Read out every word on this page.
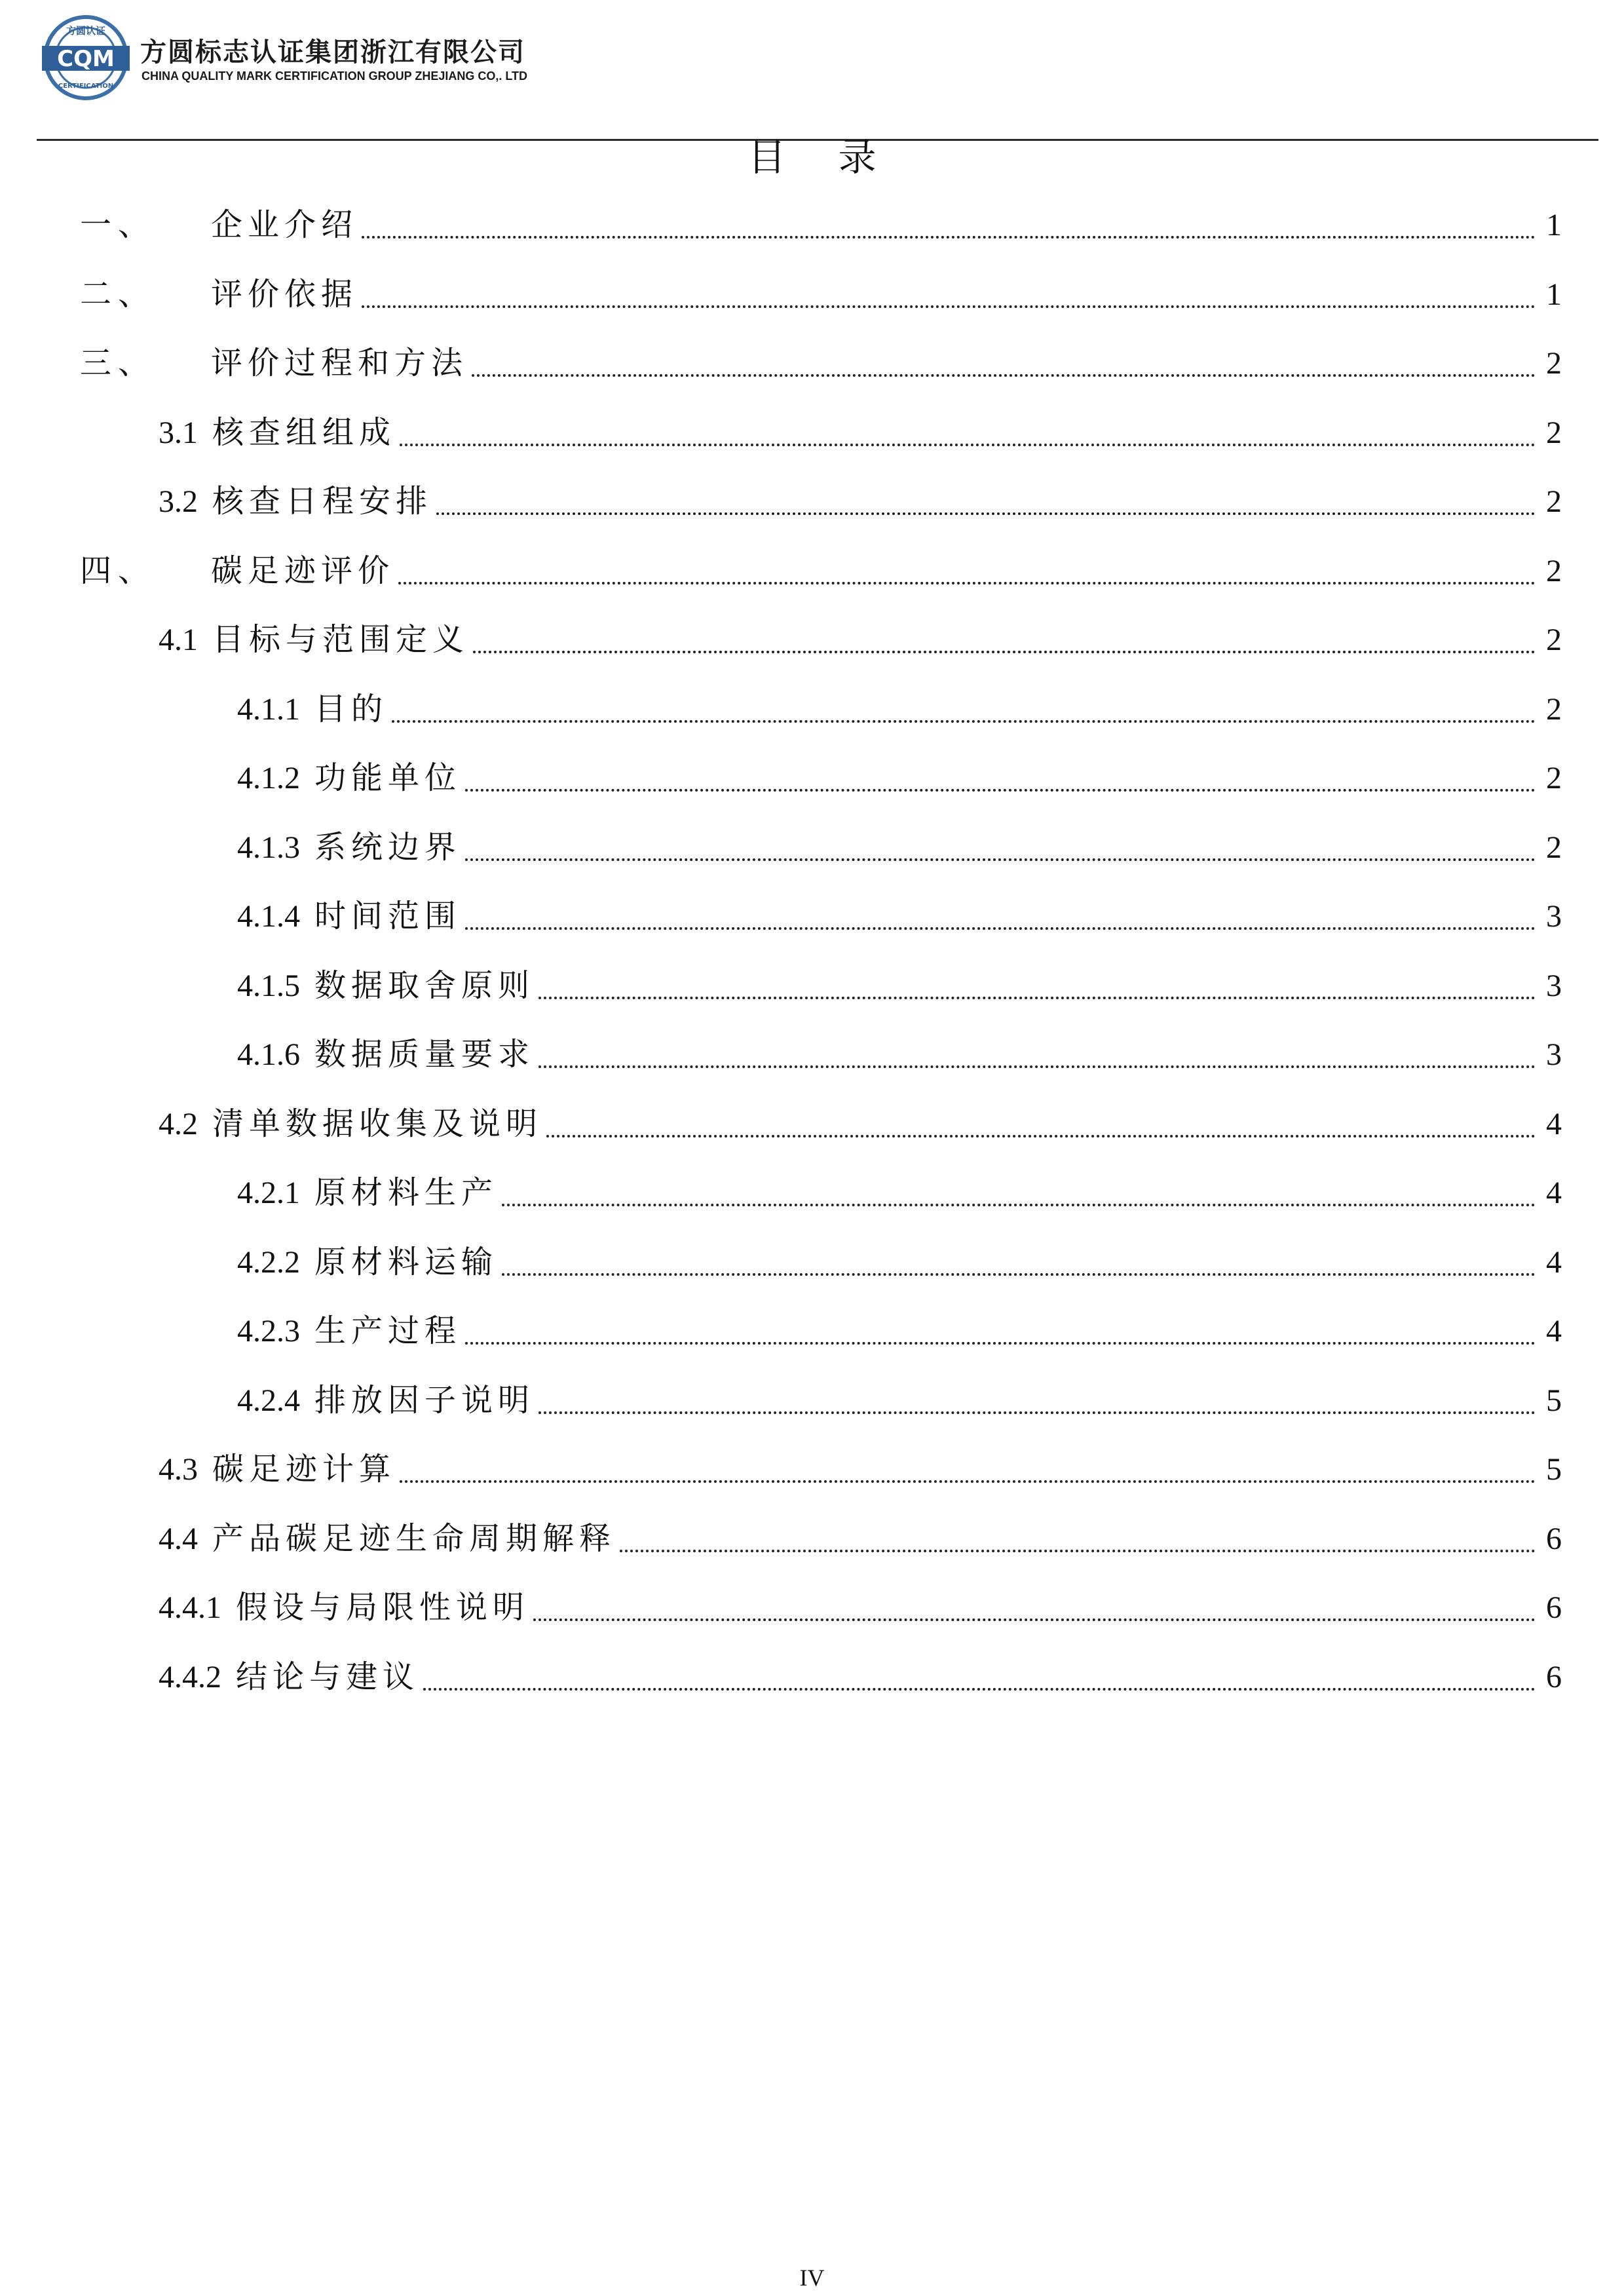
CQM
方圆认证
CERTIFICATION
方圆标志认证集团浙江有限公司
CHINA QUALITY MARK CERTIFICATION GROUP ZHEJIANG CO,. LTD
目录
一、	企业介绍	1
二、	评价依据	1
三、	评价过程和方法	2
3.1 核查组组成	2
3.2 核查日程安排	2
四、	碳足迹评价	2
4.1 目标与范围定义	2
4.1.1 目的	2
4.1.2 功能单位	2
4.1.3 系统边界	2
4.1.4 时间范围	3
4.1.5 数据取舍原则	3
4.1.6 数据质量要求	3
4.2 清单数据收集及说明	4
4.2.1 原材料生产	4
4.2.2 原材料运输	4
4.2.3 生产过程	4
4.2.4 排放因子说明	5
4.3 碳足迹计算	5
4.4 产品碳足迹生命周期解释	6
4.4.1 假设与局限性说明	6
4.4.2 结论与建议	6
IV
